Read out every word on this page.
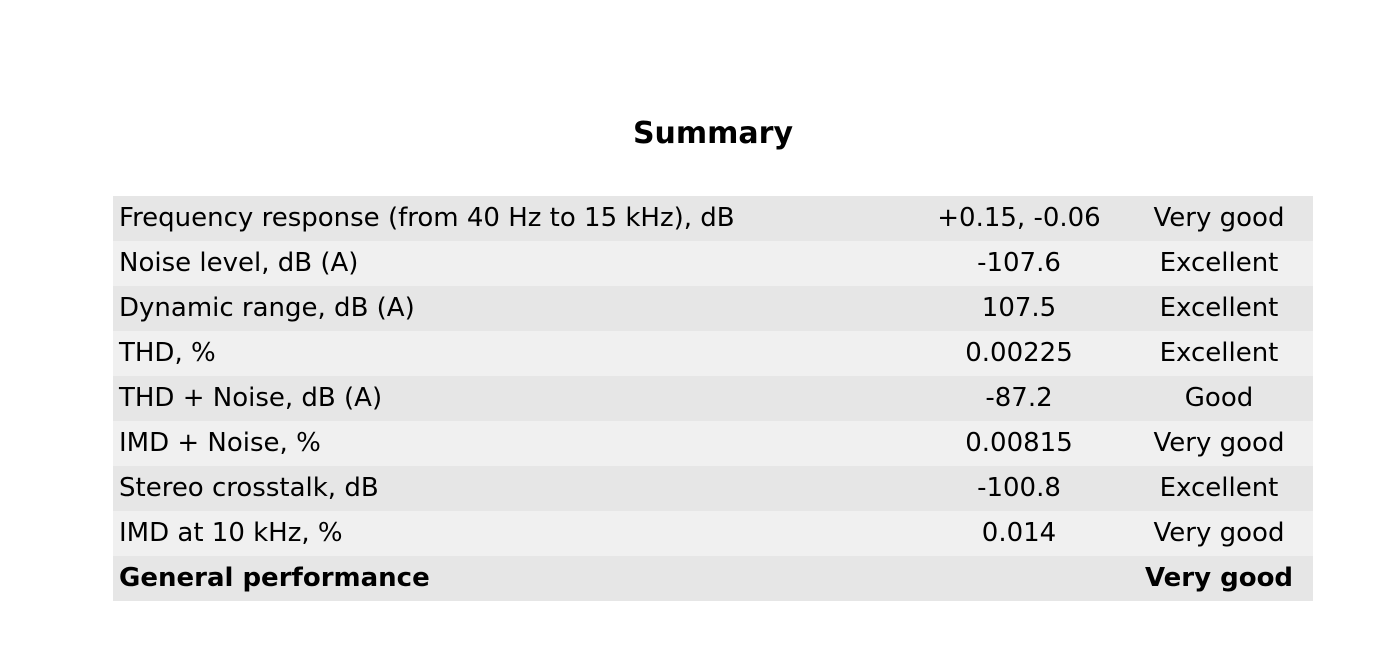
Summary
Frequency response (from 40 Hz to 15 kHz), dB	+0.15, -0.06	Very good
Noise level, dB (A)	-107.6	Excellent
Dynamic range, dB (A)	107.5	Excellent
THD, %	0.00225	Excellent
THD + Noise, dB (A)	-87.2	Good
IMD + Noise, %	0.00815	Very good
Stereo crosstalk, dB	-100.8	Excellent
IMD at 10 kHz, %	0.014	Very good
General performance		Very good
